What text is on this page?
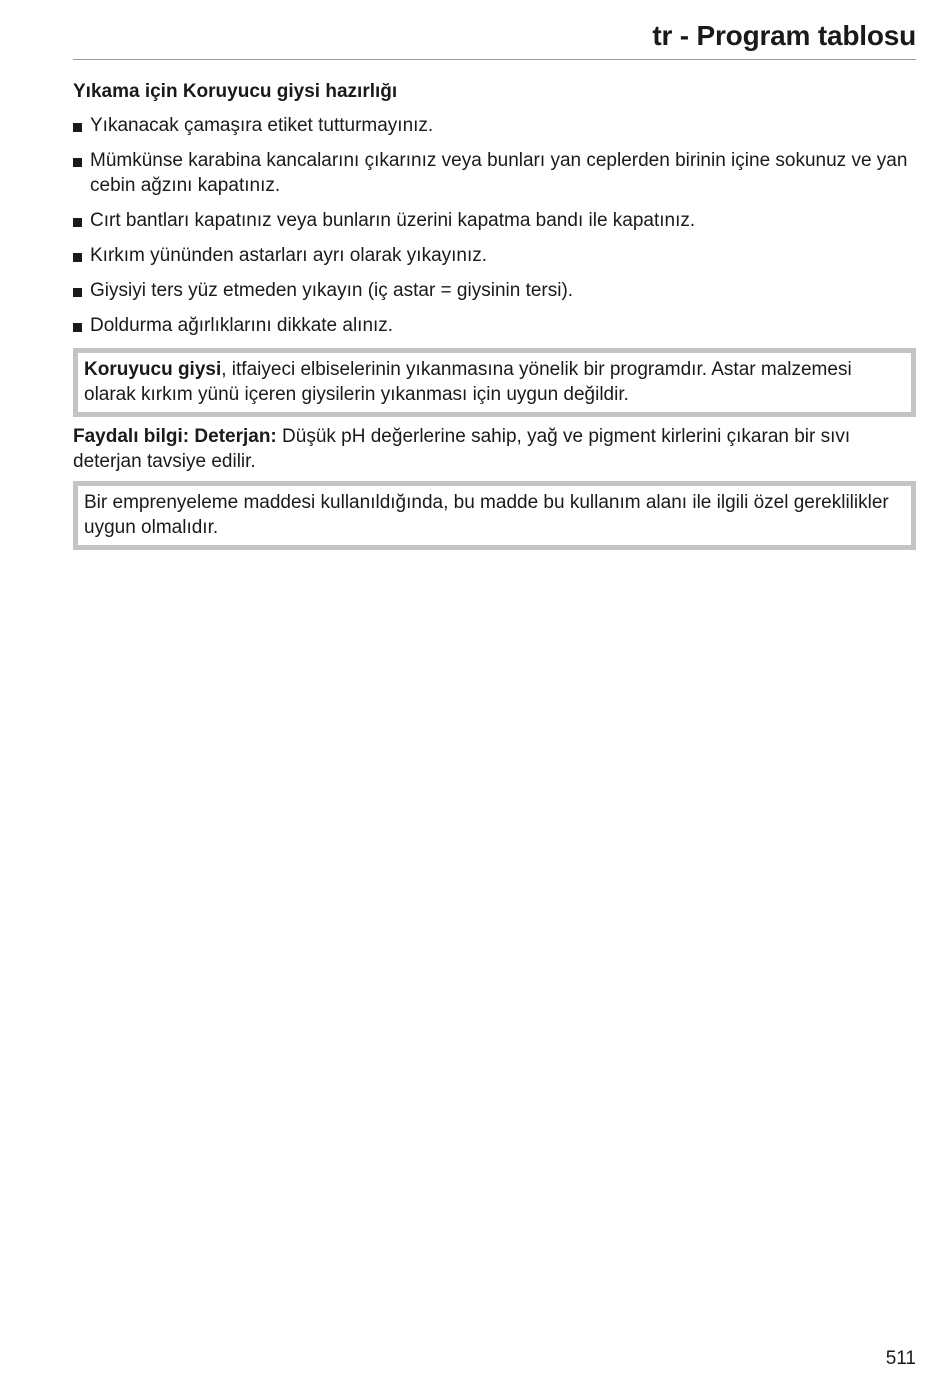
tr - Program tablosu
Yıkama için Koruyucu giysi hazırlığı
Yıkanacak çamaşıra etiket tutturmayınız.
Mümkünse karabina kancalarını çıkarınız veya bunları yan ceplerden birinin içine sokunuz ve yan cebin ağzını kapatınız.
Cırt bantları kapatınız veya bunların üzerini kapatma bandı ile kapatınız.
Kırkım yününden astarları ayrı olarak yıkayınız.
Giysiyi ters yüz etmeden yıkayın (iç astar = giysinin tersi).
Doldurma ağırlıklarını dikkate alınız.
Koruyucu giysi, itfaiyeci elbiselerinin yıkanmasına yönelik bir programdır. Astar malzemesi olarak kırkım yünü içeren giysilerin yıkanması için uygun değildir.
Faydalı bilgi: Deterjan: Düşük pH değerlerine sahip, yağ ve pigment kirlerini çıkaran bir sıvı deterjan tavsiye edilir.
Bir emprenyeleme maddesi kullanıldığında, bu madde bu kullanım alanı ile ilgili özel gereklilikler uygun olmalıdır.
511
